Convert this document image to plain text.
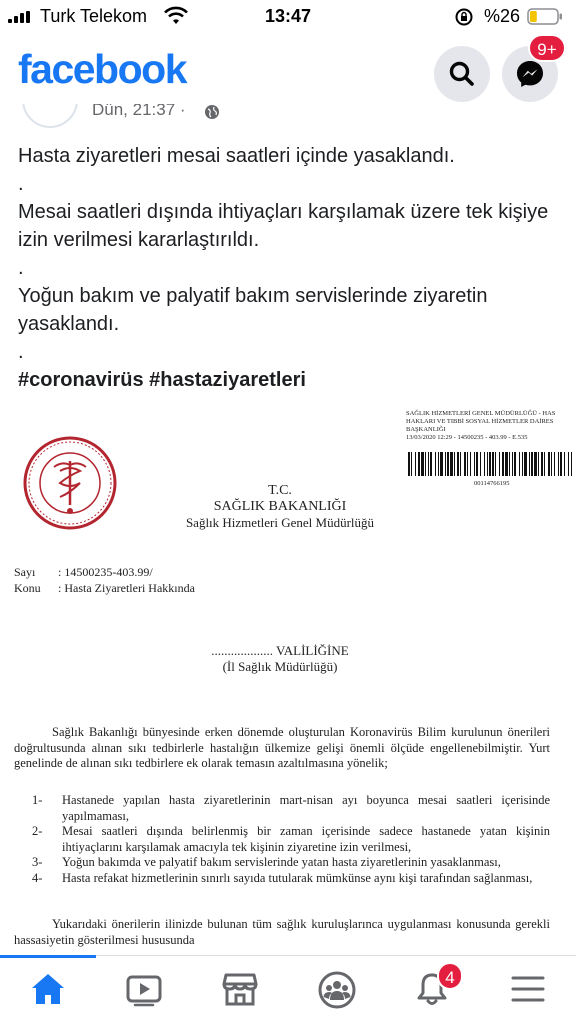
Turk Telekom	13:47	%26
facebook	9+
Dün, 21:37 ·

Hasta ziyaretleri mesai saatleri içinde yasaklandı.

.

Mesai saatleri dışında ihtiyaçları karşılamak üzere tek kişiye izin verilmesi kararlaştırıldı.

.

Yoğun bakım ve palyatif bakım servislerinde ziyaretin yasaklandı.

.

#coronavirüs #hastaziyaretleri

SAĞLIK HİZMETLERİ GENEL MÜDÜRLÜĞÜ - HAS
HAKLARI VE TIBBİ SOSYAL HİZMETLER DAİRES
BAŞKANLIĞI
13/03/2020 12:29 - 14500235 - 403.99 - E.535
00114766195
T.C.
SAĞLIK BAKANLIĞI
Sağlık Hizmetleri Genel Müdürlüğü
Sayı : 14500235-403.99/
Konu : Hasta Ziyaretleri Hakkında
................... VALİLİĞİNE
(İl Sağlık Müdürlüğü)
Sağlık Bakanlığı bünyesinde erken dönemde oluşturulan Koronavirüs Bilim kurulunun önerileri doğrultusunda alınan sıkı tedbirlerle hastalığın ülkemize gelişi önemli ölçüde engellenebilmiştir. Yurt genelinde de alınan sıkı tedbirlere ek olarak temasın azaltılmasına yönelik;
1- Hastanede yapılan hasta ziyaretlerinin mart-nisan ayı boyunca mesai saatleri içerisinde yapılmaması,
2- Mesai saatleri dışında belirlenmiş bir zaman içerisinde sadece hastanede yatan kişinin ihtiyaçlarını karşılamak amacıyla tek kişinin ziyaretine izin verilmesi,
3- Yoğun bakımda ve palyatif bakım servislerinde yatan hasta ziyaretlerinin yasaklanması,
4- Hasta refakat hizmetlerinin sınırlı sayıda tutularak mümkünse aynı kişi tarafından sağlanması,
Yukarıdaki önerilerin ilinizde bulunan tüm sağlık kuruluşlarınca uygulanması konusunda gerekli hassasiyetin gösterilmesi hususunda
4
